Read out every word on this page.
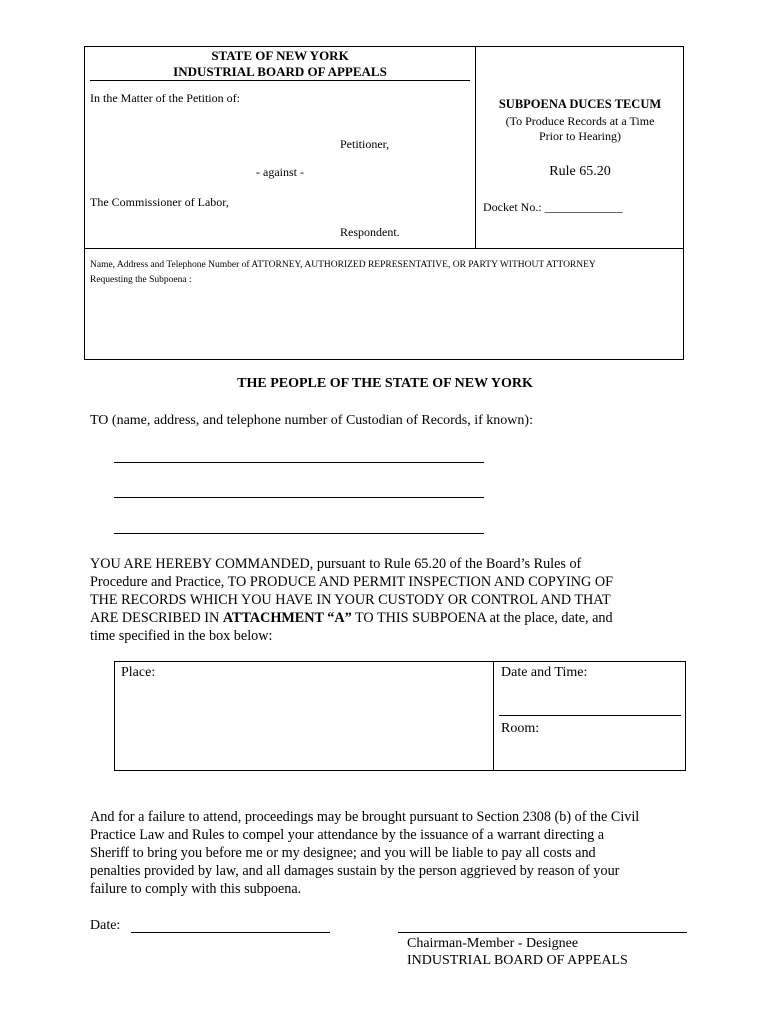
STATE OF NEW YORK
INDUSTRIAL BOARD OF APPEALS
In the Matter of the Petition of:
Petitioner,
- against -
The Commissioner of Labor,
Respondent.
SUBPOENA DUCES TECUM
(To Produce Records at a Time
Prior to Hearing)
Rule 65.20
Docket No.: _____________
Name, Address and Telephone Number of ATTORNEY, AUTHORIZED REPRESENTATIVE, OR PARTY WITHOUT ATTORNEY
Requesting the Subpoena :
THE PEOPLE OF THE STATE OF NEW YORK
TO (name, address, and telephone number of Custodian of Records, if known):
YOU ARE HEREBY COMMANDED, pursuant to Rule 65.20 of the Board’s Rules of
Procedure and Practice, TO PRODUCE AND PERMIT INSPECTION AND COPYING OF
THE RECORDS WHICH YOU HAVE IN YOUR CUSTODY OR CONTROL AND THAT
ARE DESCRIBED IN ATTACHMENT “A” TO THIS SUBPOENA at the place, date, and
time specified in the box below:
Place:	Date and Time:
Room:
And for a failure to attend, proceedings may be brought pursuant to Section 2308 (b) of the Civil
Practice Law and Rules to compel your attendance by the issuance of a warrant directing a
Sheriff to bring you before me or my designee; and you will be liable to pay all costs and
penalties provided by law, and all damages sustain by the person aggrieved by reason of your
failure to comply with this subpoena.
Date:
Chairman-Member - Designee
INDUSTRIAL BOARD OF APPEALS
